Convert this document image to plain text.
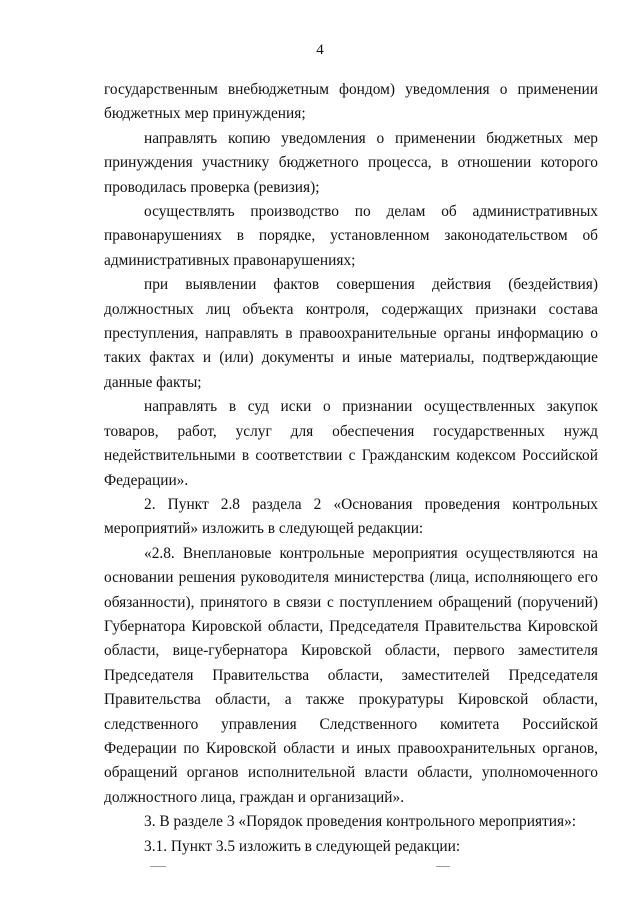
4

государственным внебюджетным фондом) уведомления о применении бюджетных мер принуждения;

направлять копию уведомления о применении бюджетных мер принуждения участнику бюджетного процесса, в отношении которого проводилась проверка (ревизия);

осуществлять производство по делам об административных правонарушениях в порядке, установленном законодательством об административных правонарушениях;

при выявлении фактов совершения действия (бездействия) должностных лиц объекта контроля, содержащих признаки состава преступления, направлять в правоохранительные органы информацию о таких фактах и (или) документы и иные материалы, подтверждающие данные факты;

направлять в суд иски о признании осуществленных закупок товаров, работ, услуг для обеспечения государственных нужд недействительными в соответствии с Гражданским кодексом Российской Федерации».

2. Пункт 2.8 раздела 2 «Основания проведения контрольных мероприятий» изложить в следующей редакции:

«2.8. Внеплановые контрольные мероприятия осуществляются на основании решения руководителя министерства (лица, исполняющего его обязанности), принятого в связи с поступлением обращений (поручений) Губернатора Кировской области, Председателя Правительства Кировской области, вице-губернатора Кировской области, первого заместителя Председателя Правительства области, заместителей Председателя Правительства области, а также прокуратуры Кировской области, следственного управления Следственного комитета Российской Федерации по Кировской области и иных правоохранительных органов, обращений органов исполнительной власти области, уполномоченного должностного лица, граждан и организаций».

3. В разделе 3 «Порядок проведения контрольного мероприятия»:

3.1. Пункт 3.5 изложить в следующей редакции:
